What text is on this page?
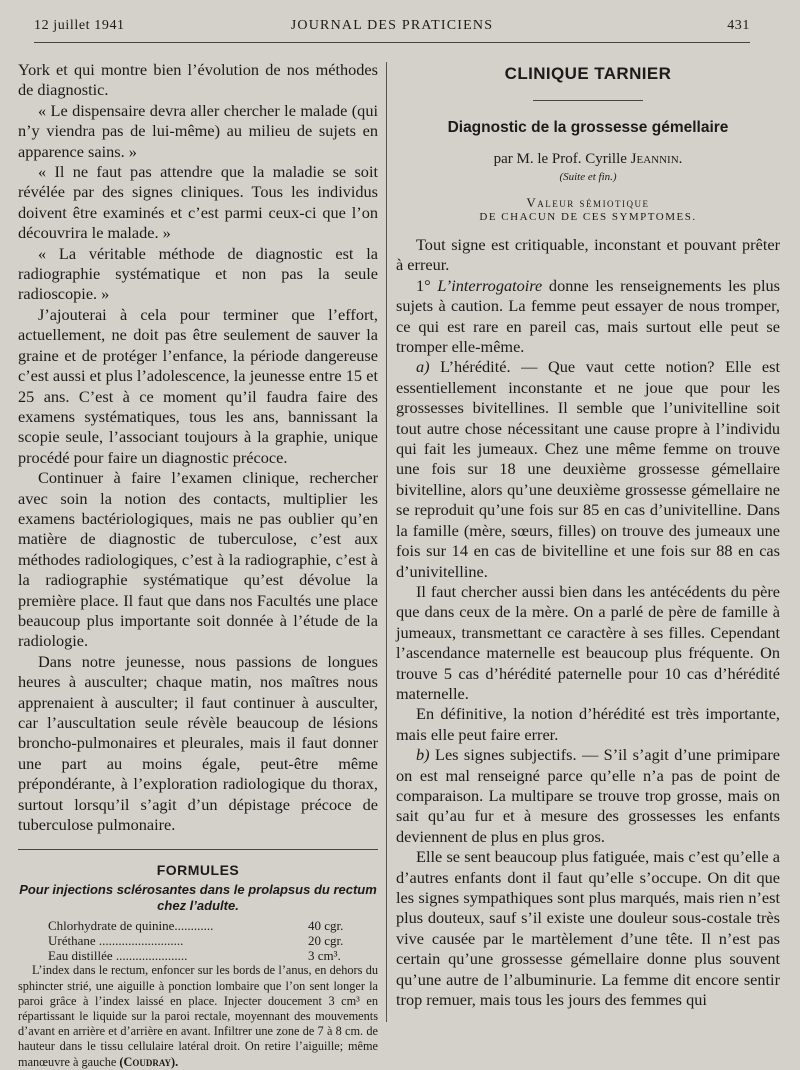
12 juillet 1941	JOURNAL DES PRATICIENS	431

York et qui montre bien l’évolution de nos méthodes de diagnostic.

« Le dispensaire devra aller chercher le malade (qui n’y viendra pas de lui-même) au milieu de sujets en apparence sains. »

« Il ne faut pas attendre que la maladie se soit révélée par des signes cliniques. Tous les individus doivent être examinés et c’est parmi ceux-ci que l’on découvrira le malade. »

« La véritable méthode de diagnostic est la radiographie systématique et non pas la seule radioscopie. »

J’ajouterai à cela pour terminer que l’effort, actuellement, ne doit pas être seulement de sauver la graine et de protéger l’enfance, la période dangereuse c’est aussi et plus l’adolescence, la jeunesse entre 15 et 25 ans. C’est à ce moment qu’il faudra faire des examens systématiques, tous les ans, bannissant la scopie seule, l’associant toujours à la graphie, unique procédé pour faire un diagnostic précoce.

Continuer à faire l’examen clinique, rechercher avec soin la notion des contacts, multiplier les examens bactériologiques, mais ne pas oublier qu’en matière de diagnostic de tuberculose, c’est aux méthodes radiologiques, c’est à la radiographie, c’est à la radiographie systématique qu’est dévolue la première place. Il faut que dans nos Facultés une place beaucoup plus importante soit donnée à l’étude de la radiologie.

Dans notre jeunesse, nous passions de longues heures à ausculter; chaque matin, nos maîtres nous apprenaient à ausculter; il faut continuer à ausculter, car l’auscultation seule révèle beaucoup de lésions broncho-pulmonaires et pleurales, mais il faut donner une part au moins égale, peut-être même prépondérante, à l’exploration radiologique du thorax, surtout lorsqu’il s’agit d’un dépistage précoce de tuberculose pulmonaire.

FORMULES
Pour injections sclérosantes dans le prolapsus du rectum chez l’adulte.
Chlorhydrate de quinine............	40 cgr.
Uréthane ..........................	20 cgr.
Eau distillée ......................	3 cm³.

L’index dans le rectum, enfoncer sur les bords de l’anus, en dehors du sphincter strié, une aiguille à ponction lombaire que l’on sent longer la paroi grâce à l’index laissé en place. Injecter doucement 3 cm³ en répartissant le liquide sur la paroi rectale, moyennant des mouvements d’avant en arrière et d’arrière en avant. Infiltrer une zone de 7 à 8 cm. de hauteur dans le tissu cellulaire latéral droit. On retire l’aiguille; même manœuvre à gauche (Coudray).

CLINIQUE TARNIER
Diagnostic de la grossesse gémellaire
par M. le Prof. Cyrille Jeannin.
(Suite et fin.)
Valeur sémiotique
DE CHACUN DE CES SYMPTOMES.

Tout signe est critiquable, inconstant et pouvant prêter à erreur.

1° L’interrogatoire donne les renseignements les plus sujets à caution. La femme peut essayer de nous tromper, ce qui est rare en pareil cas, mais surtout elle peut se tromper elle-même.

a) L’hérédité. — Que vaut cette notion? Elle est essentiellement inconstante et ne joue que pour les grossesses bivitellines. Il semble que l’univitelline soit tout autre chose nécessitant une cause propre à l’individu qui fait les jumeaux. Chez une même femme on trouve une fois sur 18 une deuxième grossesse gémellaire bivitelline, alors qu’une deuxième grossesse gémellaire ne se reproduit qu’une fois sur 85 en cas d’univitelline. Dans la famille (mère, sœurs, filles) on trouve des jumeaux une fois sur 14 en cas de bivitelline et une fois sur 88 en cas d’univitelline.

Il faut chercher aussi bien dans les antécédents du père que dans ceux de la mère. On a parlé de père de famille à jumeaux, transmettant ce caractère à ses filles. Cependant l’ascendance maternelle est beaucoup plus fréquente. On trouve 5 cas d’hérédité paternelle pour 10 cas d’hérédité maternelle.

En définitive, la notion d’hérédité est très importante, mais elle peut faire errer.

b) Les signes subjectifs. — S’il s’agit d’une primipare on est mal renseigné parce qu’elle n’a pas de point de comparaison. La multipare se trouve trop grosse, mais on sait qu’au fur et à mesure des grossesses les enfants deviennent de plus en plus gros.

Elle se sent beaucoup plus fatiguée, mais c’est qu’elle a d’autres enfants dont il faut qu’elle s’occupe. On dit que les signes sympathiques sont plus marqués, mais rien n’est plus douteux, sauf s’il existe une douleur sous-costale très vive causée par le martèlement d’une tête. Il n’est pas certain qu’une grossesse gémellaire donne plus souvent qu’une autre de l’albuminurie. La femme dit encore sentir trop remuer, mais tous les jours des femmes qui
